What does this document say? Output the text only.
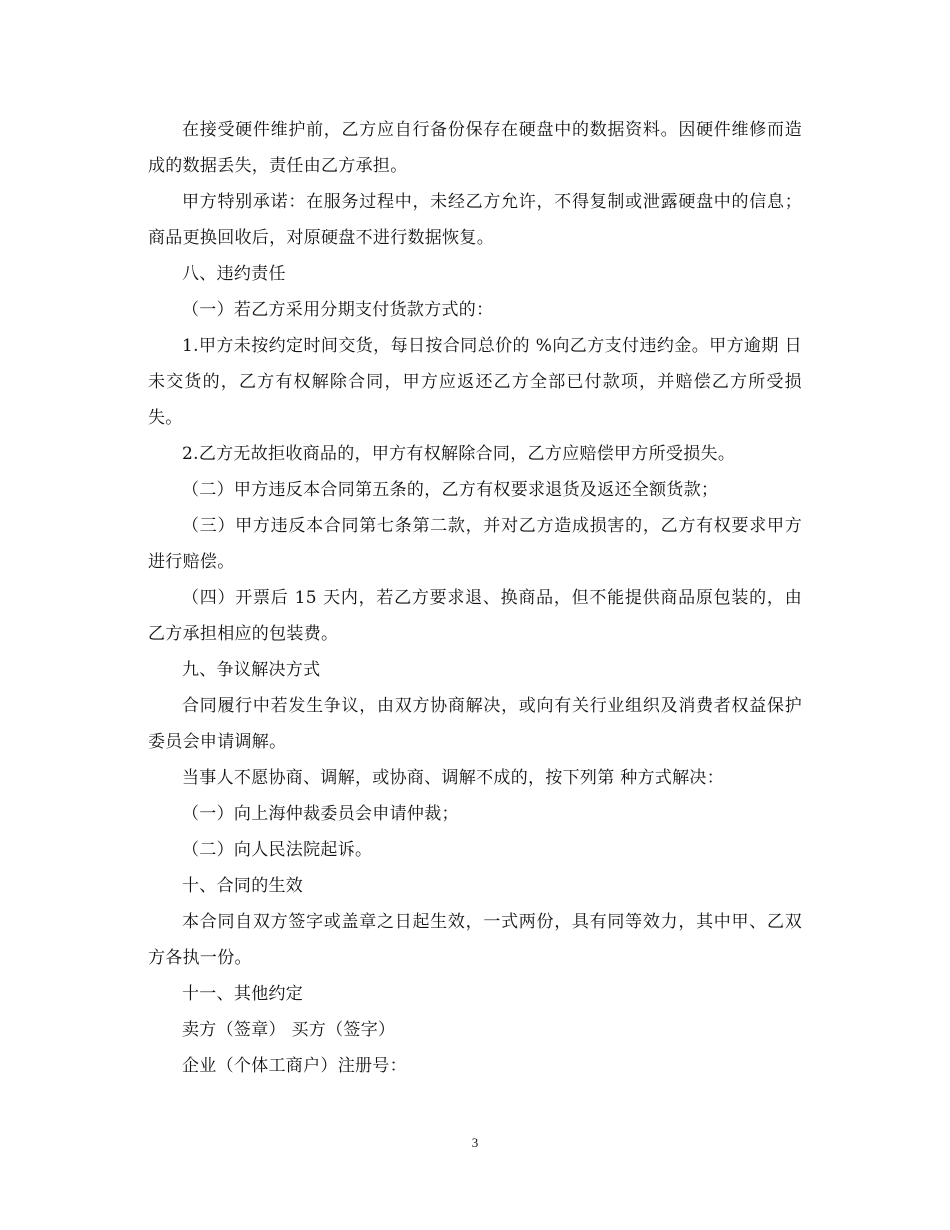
在接受硬件维护前，乙方应自行备份保存在硬盘中的数据资料。因硬件维修而造成的数据丢失，责任由乙方承担。

甲方特别承诺：在服务过程中，未经乙方允许，不得复制或泄露硬盘中的信息；商品更换回收后，对原硬盘不进行数据恢复。

八、违约责任

（一）若乙方采用分期支付货款方式的：

1.甲方未按约定时间交货，每日按合同总价的 %向乙方支付违约金。甲方逾期 日未交货的，乙方有权解除合同，甲方应返还乙方全部已付款项，并赔偿乙方所受损失。

2.乙方无故拒收商品的，甲方有权解除合同，乙方应赔偿甲方所受损失。

（二）甲方违反本合同第五条的，乙方有权要求退货及返还全额货款；

（三）甲方违反本合同第七条第二款，并对乙方造成损害的，乙方有权要求甲方进行赔偿。

（四）开票后 15 天内，若乙方要求退、换商品，但不能提供商品原包装的，由乙方承担相应的包装费。

九、争议解决方式

合同履行中若发生争议，由双方协商解决，或向有关行业组织及消费者权益保护委员会申请调解。

当事人不愿协商、调解，或协商、调解不成的，按下列第 种方式解决：

（一）向上海仲裁委员会申请仲裁；

（二）向人民法院起诉。

十、合同的生效

本合同自双方签字或盖章之日起生效，一式两份，具有同等效力，其中甲、乙双方各执一份。

十一、其他约定

卖方（签章） 买方（签字）

企业（个体工商户）注册号：

3
